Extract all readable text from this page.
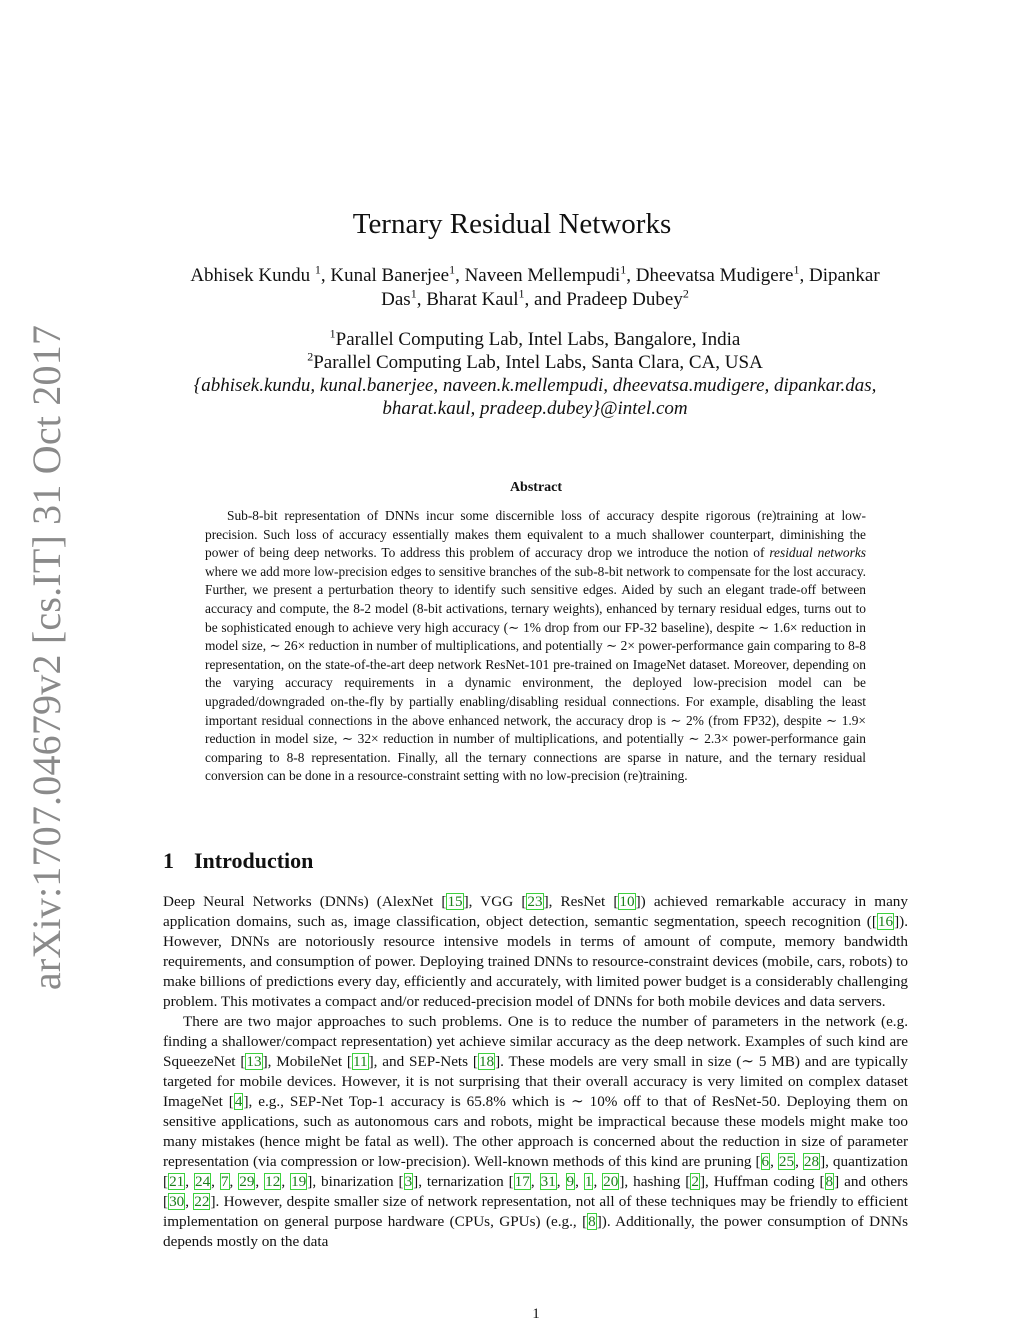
arXiv:1707.04679v2 [cs.IT] 31 Oct 2017
Ternary Residual Networks
Abhisek Kundu $^1$, Kunal Banerjee$^1$, Naveen Mellempudi$^1$, Dheevatsa Mudigere$^1$, Dipankar
Das$^1$, Bharat Kaul$^1$, and Pradeep Dubey$^2$
$^1$Parallel Computing Lab, Intel Labs, Bangalore, India
$^2$Parallel Computing Lab, Intel Labs, Santa Clara, CA, USA
{abhisek.kundu, kunal.banerjee, naveen.k.mellempudi, dheevatsa.mudigere, dipankar.das,
bharat.kaul, pradeep.dubey}@intel.com
Abstract

Sub-8-bit representation of DNNs incur some discernible loss of accuracy despite rigorous (re)training at low-precision. Such loss of accuracy essentially makes them equivalent to a much shallower counterpart, diminishing the power of being deep networks. To address this problem of accuracy drop we introduce the notion of residual networks where we add more low-precision edges to sensitive branches of the sub-8-bit network to compensate for the lost accuracy. Further, we present a perturbation theory to identify such sensitive edges. Aided by such an elegant trade-off between accuracy and compute, the 8-2 model (8-bit activations, ternary weights), enhanced by ternary residual edges, turns out to be sophisticated enough to achieve very high accuracy (∼ 1% drop from our FP-32 baseline), despite ∼ 1.6× reduction in model size, ∼ 26× reduction in number of multiplications, and potentially ∼ 2× power-performance gain comparing to 8-8 representation, on the state-of-the-art deep network ResNet-101 pre-trained on ImageNet dataset. Moreover, depending on the varying accuracy requirements in a dynamic environment, the deployed low-precision model can be upgraded/downgraded on-the-fly by partially enabling/disabling residual connections. For example, disabling the least important residual connections in the above enhanced network, the accuracy drop is ∼ 2% (from FP32), despite ∼ 1.9× reduction in model size, ∼ 32× reduction in number of multiplications, and potentially ∼ 2.3× power-performance gain comparing to 8-8 representation. Finally, all the ternary connections are sparse in nature, and the ternary residual conversion can be done in a resource-constraint setting with no low-precision (re)training.

1 Introduction

Deep Neural Networks (DNNs) (AlexNet [15], VGG [23], ResNet [10]) achieved remarkable accuracy in many application domains, such as, image classification, object detection, semantic segmentation, speech recognition ([16]). However, DNNs are notoriously resource intensive models in terms of amount of compute, memory bandwidth requirements, and consumption of power. Deploying trained DNNs to resource-constraint devices (mobile, cars, robots) to make billions of predictions every day, efficiently and accurately, with limited power budget is a considerably challenging problem. This motivates a compact and/or reduced-precision model of DNNs for both mobile devices and data servers.

There are two major approaches to such problems. One is to reduce the number of parameters in the network (e.g. finding a shallower/compact representation) yet achieve similar accuracy as the deep network. Examples of such kind are SqueezeNet [13], MobileNet [11], and SEP-Nets [18]. These models are very small in size (∼ 5 MB) and are typically targeted for mobile devices. However, it is not surprising that their overall accuracy is very limited on complex dataset ImageNet [4], e.g., SEP-Net Top-1 accuracy is 65.8% which is ∼ 10% off to that of ResNet-50. Deploying them on sensitive applications, such as autonomous cars and robots, might be impractical because these models might make too many mistakes (hence might be fatal as well). The other approach is concerned about the reduction in size of parameter representation (via compression or low-precision). Well-known methods of this kind are pruning [6, 25, 28], quantization [21, 24, 7, 29, 12, 19], binarization [3], ternarization [17, 31, 9, 1, 20], hashing [2], Huffman coding [8] and others [30, 22]. However, despite smaller size of network representation, not all of these techniques may be friendly to efficient implementation on general purpose hardware (CPUs, GPUs) (e.g., [8]). Additionally, the power consumption of DNNs depends mostly on the data

1
